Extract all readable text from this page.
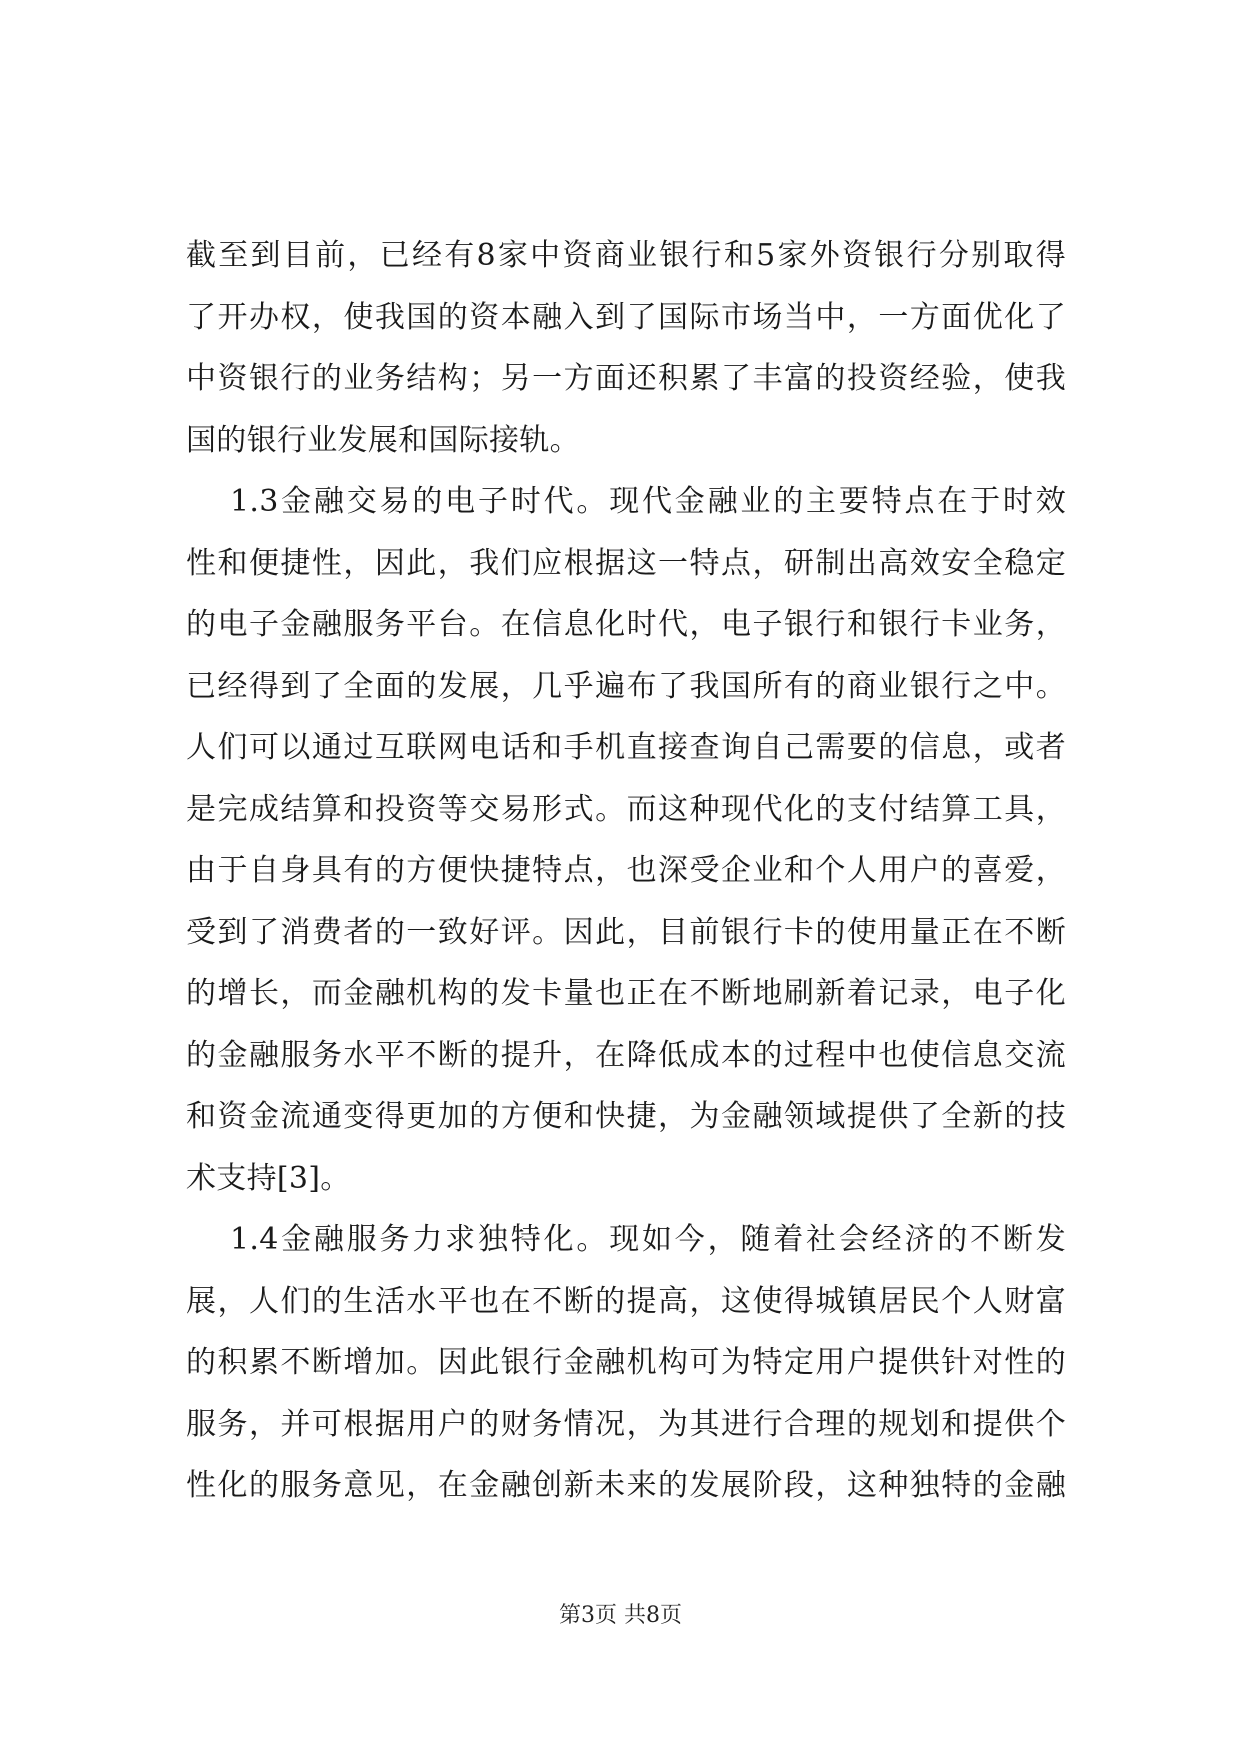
截至到目前，已经有8家中资商业银行和5家外资银行分别取得
了开办权，使我国的资本融入到了国际市场当中，一方面优化了
中资银行的业务结构；另一方面还积累了丰富的投资经验，使我
国的银行业发展和国际接轨。
1.3金融交易的电子时代。现代金融业的主要特点在于时效
性和便捷性，因此，我们应根据这一特点，研制出高效安全稳定
的电子金融服务平台。在信息化时代，电子银行和银行卡业务，
已经得到了全面的发展，几乎遍布了我国所有的商业银行之中。
人们可以通过互联网电话和手机直接查询自己需要的信息，或者
是完成结算和投资等交易形式。而这种现代化的支付结算工具，
由于自身具有的方便快捷特点，也深受企业和个人用户的喜爱，
受到了消费者的一致好评。因此，目前银行卡的使用量正在不断
的增长，而金融机构的发卡量也正在不断地刷新着记录，电子化
的金融服务水平不断的提升，在降低成本的过程中也使信息交流
和资金流通变得更加的方便和快捷，为金融领域提供了全新的技
术支持[3]。
1.4金融服务力求独特化。现如今，随着社会经济的不断发
展，人们的生活水平也在不断的提高，这使得城镇居民个人财富
的积累不断增加。因此银行金融机构可为特定用户提供针对性的
服务，并可根据用户的财务情况，为其进行合理的规划和提供个
性化的服务意见，在金融创新未来的发展阶段，这种独特的金融
第3页 共8页
